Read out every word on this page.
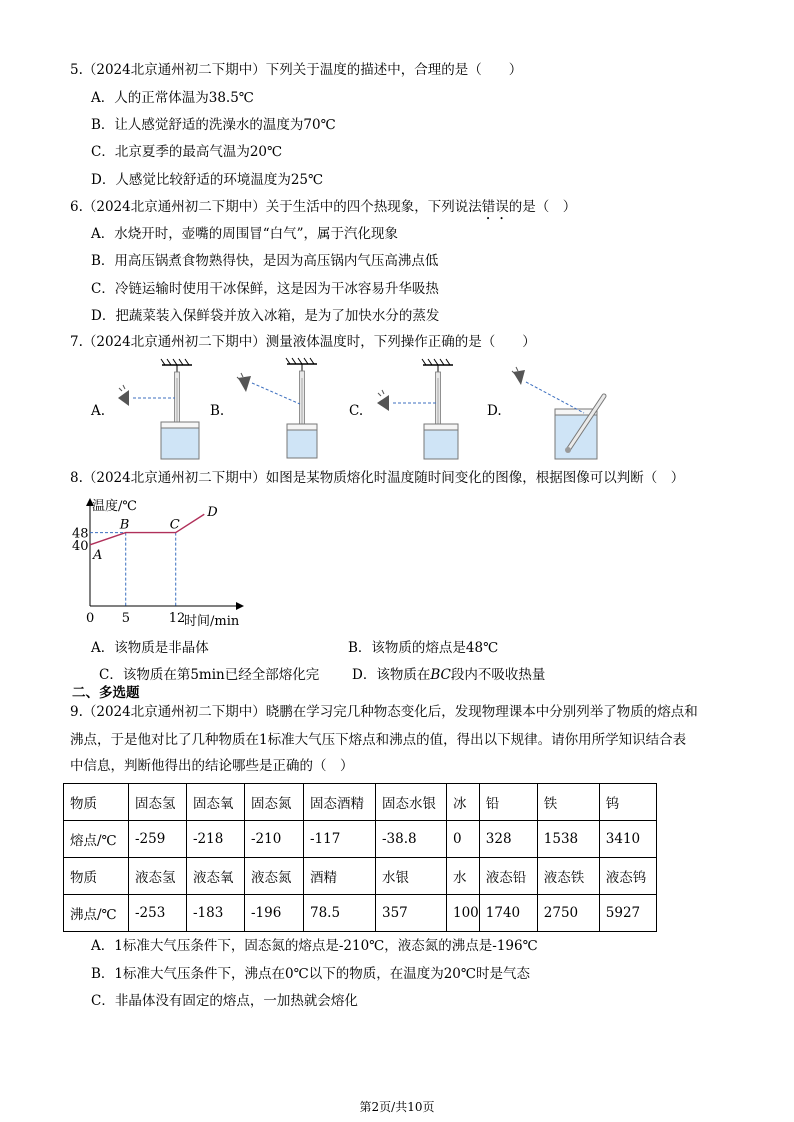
5.（2024北京通州初二下期中）下列关于温度的描述中，合理的是（　　）
A．人的正常体温为38.5℃
B．让人感觉舒适的洗澡水的温度为70℃
C．北京夏季的最高气温为20℃
D．人感觉比较舒适的环境温度为25℃
6.（2024北京通州初二下期中）关于生活中的四个热现象，下列说法错误的是（　）
A．水烧开时，壶嘴的周围冒“白气”，属于汽化现象
B．用高压锅煮食物熟得快，是因为高压锅内气压高沸点低
C．冷链运输时使用干冰保鲜，这是因为干冰容易升华吸热
D．把蔬菜装入保鲜袋并放入冰箱，是为了加快水分的蒸发
7.（2024北京通州初二下期中）测量液体温度时，下列操作正确的是（　　）
A.	B.	C.	D.
8.（2024北京通州初二下期中）如图是某物质熔化时温度随时间变化的图像，根据图像可以判断（　）
温度/℃
时间/min
A
B	C
D
40
48
0 5	12
A．该物质是非晶体	B．该物质的熔点是48℃
C．该物质在第5min已经全部熔化完 D．该物质在BC段内不吸收热量
二、多选题
9.（2024北京通州初二下期中）晓鹏在学习完几种物态变化后，发现物理课本中分别列举了物质的熔点和
沸点，于是他对比了几种物质在1标准大气压下熔点和沸点的值，得出以下规律。请你用所学知识结合表
中信息，判断他得出的结论哪些是正确的（　）
物质	固态氢	固态氧	固态氮	固态酒精	固态水银	冰	铅	铁	钨
熔点/℃	-259	-218	-210	-117	-38.8	0	328	1538	3410
物质	液态氢	液态氧	液态氮	酒精	水银	水	液态铅	液态铁	液态钨
沸点/℃	-253	-183	-196	78.5	357	100	1740	2750	5927
A．1标准大气压条件下，固态氮的熔点是-210℃，液态氮的沸点是-196℃
B．1标准大气压条件下，沸点在0℃以下的物质，在温度为20℃时是气态
C．非晶体没有固定的熔点，一加热就会熔化
第2页/共10页
